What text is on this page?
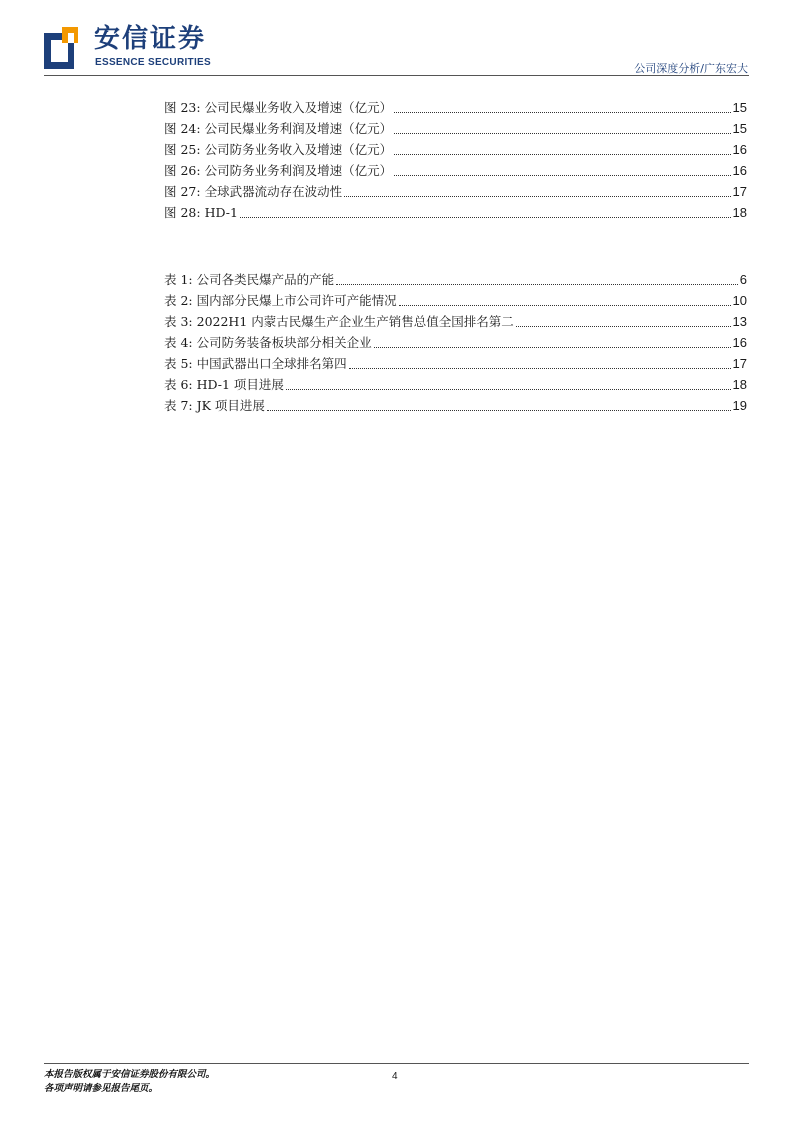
安信证券
ESSENCE SECURITIES	公司深度分析/广东宏大
图 23: 公司民爆业务收入及增速（亿元）	15
图 24: 公司民爆业务利润及增速（亿元）	15
图 25: 公司防务业务收入及增速（亿元）	16
图 26: 公司防务业务利润及增速（亿元）	16
图 27: 全球武器流动存在波动性	17
图 28: HD-1	18
表 1: 公司各类民爆产品的产能	6
表 2: 国内部分民爆上市公司许可产能情况	10
表 3: 2022H1 内蒙古民爆生产企业生产销售总值全国排名第二	13
表 4: 公司防务装备板块部分相关企业	16
表 5: 中国武器出口全球排名第四	17
表 6: HD-1 项目进展	18
表 7: JK 项目进展	19
本报告版权属于安信证券股份有限公司。
各项声明请参见报告尾页。
4
